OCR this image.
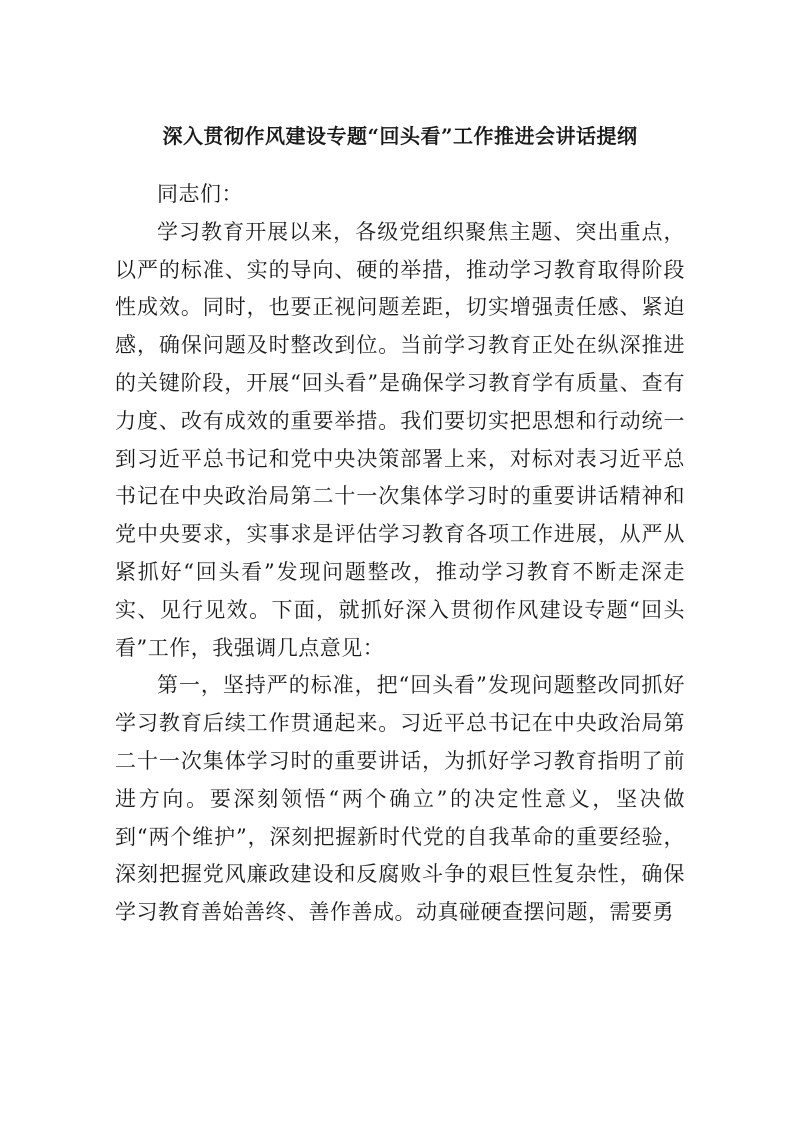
深入贯彻作风建设专题“回头看”工作推进会讲话提纲

同志们：

学习教育开展以来，各级党组织聚焦主题、突出重点，以严的标准、实的导向、硬的举措，推动学习教育取得阶段性成效。同时，也要正视问题差距，切实增强责任感、紧迫感，确保问题及时整改到位。当前学习教育正处在纵深推进的关键阶段，开展“回头看”是确保学习教育学有质量、查有力度、改有成效的重要举措。我们要切实把思想和行动统一到习近平总书记和党中央决策部署上来，对标对表习近平总书记在中央政治局第二十一次集体学习时的重要讲话精神和党中央要求，实事求是评估学习教育各项工作进展，从严从紧抓好“回头看”发现问题整改，推动学习教育不断走深走实、见行见效。下面，就抓好深入贯彻作风建设专题“回头看”工作，我强调几点意见：

第一，坚持严的标准，把“回头看”发现问题整改同抓好学习教育后续工作贯通起来。习近平总书记在中央政治局第二十一次集体学习时的重要讲话，为抓好学习教育指明了前进方向。要深刻领悟“两个确立”的决定性意义，坚决做到“两个维护”，深刻把握新时代党的自我革命的重要经验，深刻把握党风廉政建设和反腐败斗争的艰巨性复杂性，确保学习教育善始善终、善作善成。动真碰硬查摆问题，需要勇
